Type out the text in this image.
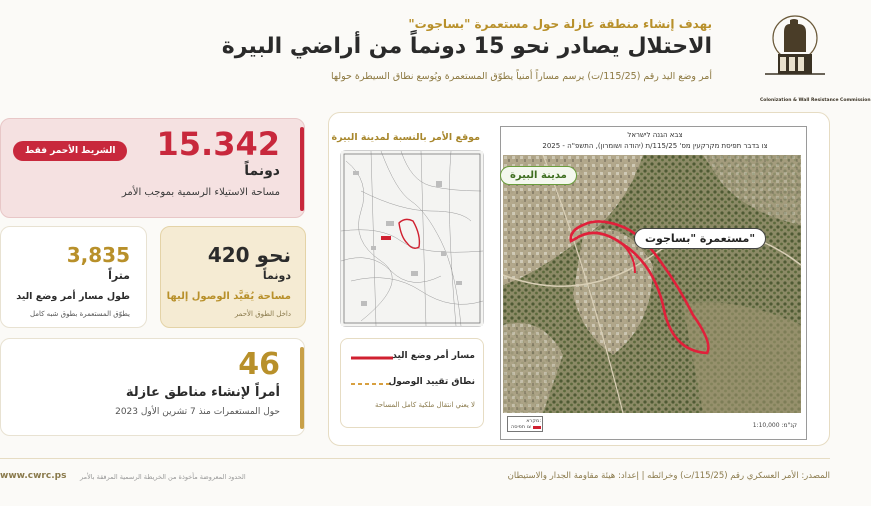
Colonization & Wall Resistance Commission
بهدف إنشاء منطقة عازلة حول مستعمرة "بساجوت"
الاحتلال يصادر نحو 15 دونماً من أراضي البيرة
أمر وضع اليد رقم (115/25/ت) يرسم مساراً أمنياً يطوّق المستعمرة ويُوسع نطاق السيطرة حولها
15.342
دونماً
مساحة الاستيلاء الرسمية بموجب الأمر
الشريط الأحمر فقط
نحو 420
دونماً
مساحة يُقيَّد الوصول إليها
داخل الطوق الأحمر
3,835
متراً
طول مسار أمر وضع اليد
يطوّق المستعمرة بطوق شبه كامل
46
أمراً لإنشاء مناطق عازلة
حول المستعمرات منذ 7 تشرين الأول 2023
موقع الأمر بالنسبة لمدينة البيرة
مسار أمر وضع اليد
نطاق تقييد الوصول
لا يعني انتقال ملكية كامل المساحة
צבא הגנה לישראל
צו בדבר תפיסת מקרקעין מס' 115/25/ת (יהודה ושומרון), התשפ"ה - 2025
مدينة البيرة
مستعمرة "بساجوت"
מקרא:
צו תפיסה	1:10,000 :קנ"מ
المصدر: الأمر العسكري رقم (115/25/ت) وخرائطه | إعداد: هيئة مقاومة الجدار والاستيطان
الحدود المعروضة مأخوذة من الخريطة الرسمية المرفقة بالأمر
www.cwrc.ps
